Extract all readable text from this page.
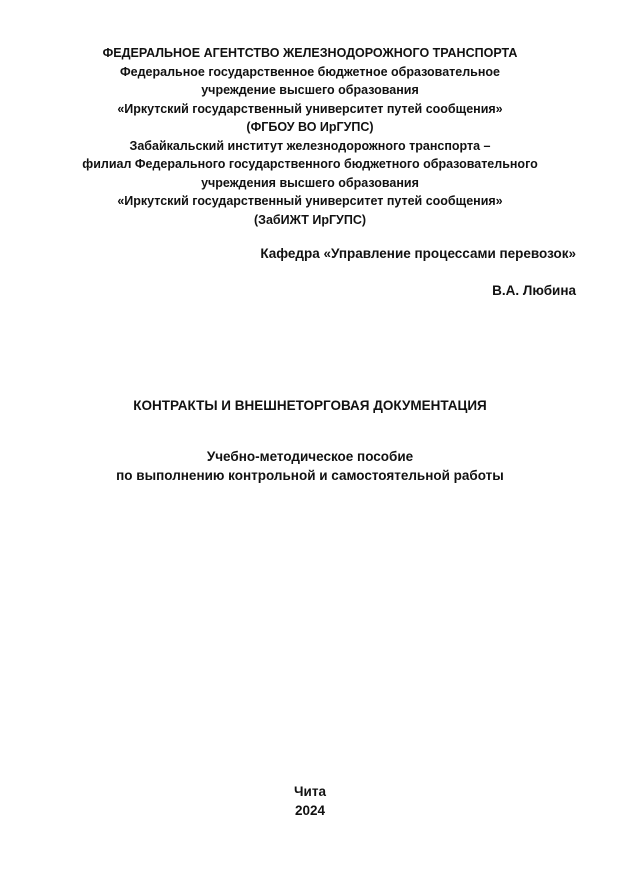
ФЕДЕРАЛЬНОЕ АГЕНТСТВО ЖЕЛЕЗНОДОРОЖНОГО ТРАНСПОРТА
Федеральное государственное бюджетное образовательное
учреждение высшего образования
«Иркутский государственный университет путей сообщения»
(ФГБОУ ВО ИрГУПС)
Забайкальский институт железнодорожного транспорта –
филиал Федерального государственного бюджетного образовательного
учреждения высшего образования
«Иркутский государственный университет путей сообщения»
(ЗабИЖТ ИрГУПС)
Кафедра «Управление процессами перевозок»
В.А. Любина
КОНТРАКТЫ И ВНЕШНЕТОРГОВАЯ ДОКУМЕНТАЦИЯ
Учебно-методическое пособие
по выполнению контрольной и самостоятельной работы
Чита
2024
